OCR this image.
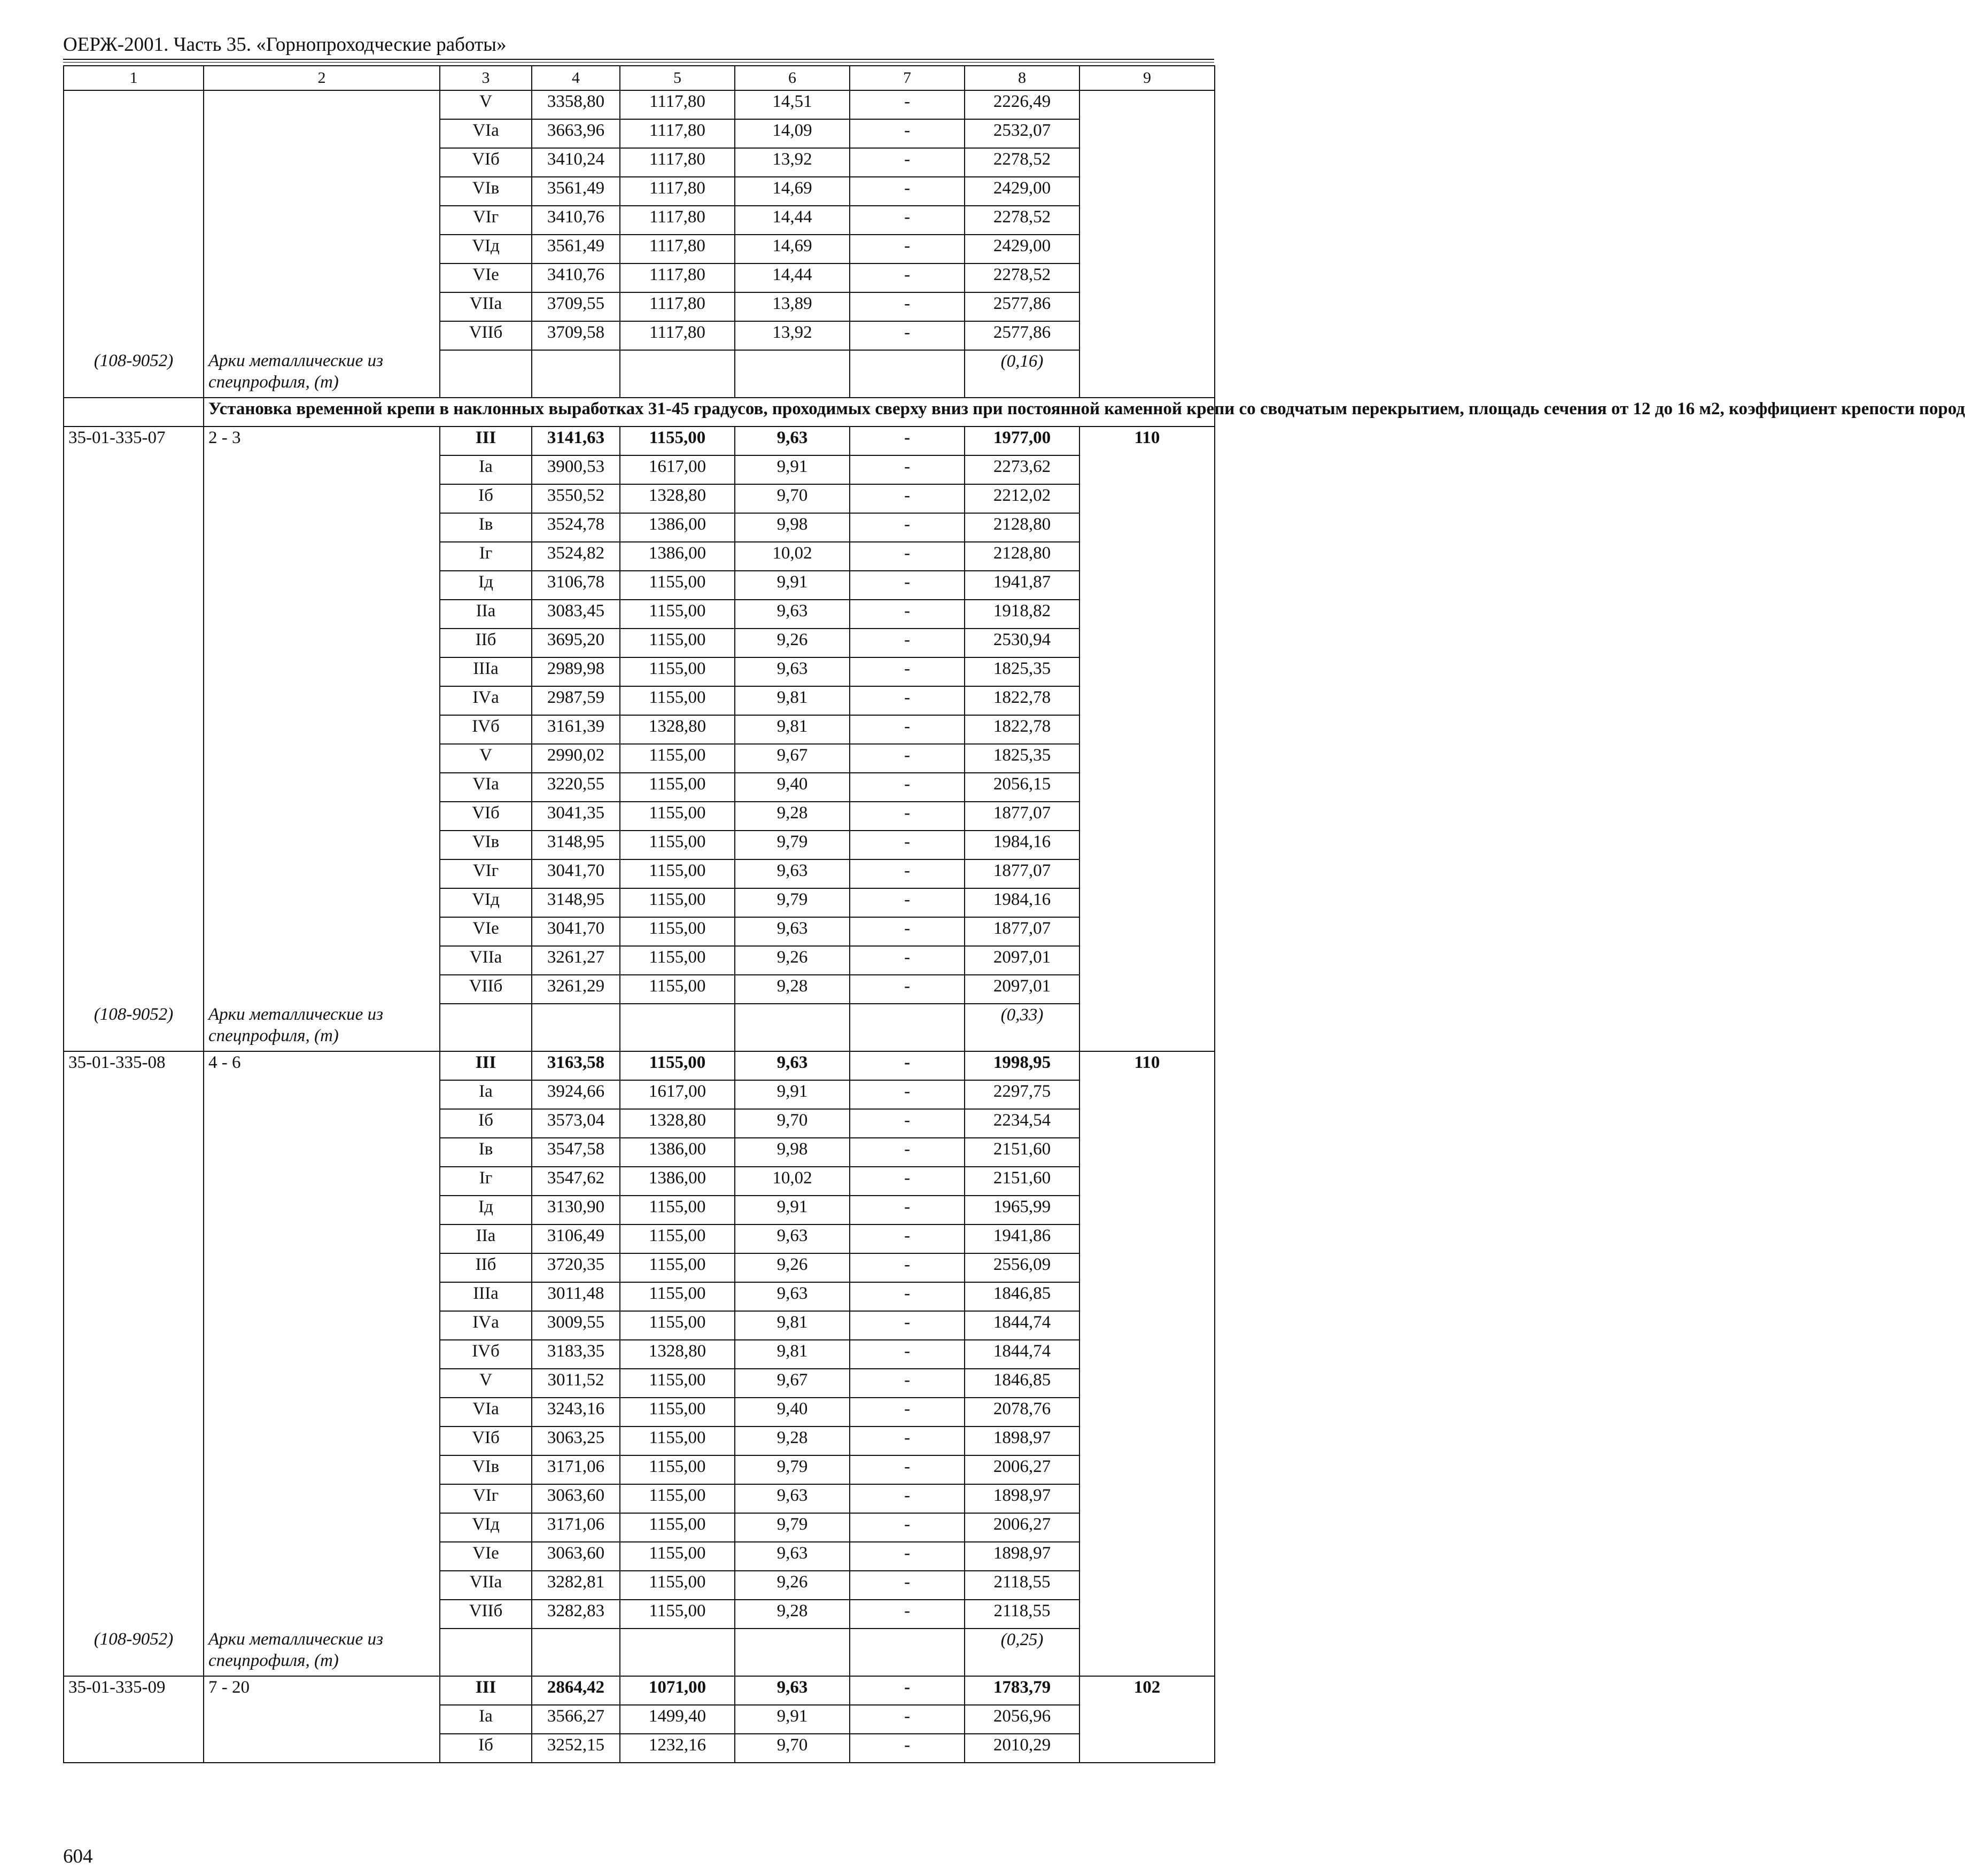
ОЕРЖ-2001. Часть 35. «Горнопроходческие работы»
1	2	3	4	5	6	7	8	9
		V	3358,80	1117,80	14,51	-	2226,49	
		VIа	3663,96	1117,80	14,09	-	2532,07	
		VIб	3410,24	1117,80	13,92	-	2278,52	
		VIв	3561,49	1117,80	14,69	-	2429,00	
		VIг	3410,76	1117,80	14,44	-	2278,52	
		VIд	3561,49	1117,80	14,69	-	2429,00	
		VIе	3410,76	1117,80	14,44	-	2278,52	
		VIIа	3709,55	1117,80	13,89	-	2577,86	
		VIIб	3709,58	1117,80	13,92	-	2577,86	

(108-9052)	Арки металлические из спецпрофиля, (т)						(0,16)	
	Установка временной крепи в наклонных выработках 31-45 градусов, проходимых сверху вниз при постоянной каменной крепи со сводчатым перекрытием, площадь сечения от 12 до 16 м2, коэффициент крепости пород							
35-01-335-07	2 - 3	III	3141,63	1155,00	9,63	-	1977,00	110
		Iа	3900,53	1617,00	9,91	-	2273,62	
		Iб	3550,52	1328,80	9,70	-	2212,02	
		Iв	3524,78	1386,00	9,98	-	2128,80	
		Iг	3524,82	1386,00	10,02	-	2128,80	
		Iд	3106,78	1155,00	9,91	-	1941,87	
		IIа	3083,45	1155,00	9,63	-	1918,82	
		IIб	3695,20	1155,00	9,26	-	2530,94	
		IIIа	2989,98	1155,00	9,63	-	1825,35	
		IVа	2987,59	1155,00	9,81	-	1822,78	
		IVб	3161,39	1328,80	9,81	-	1822,78	
		V	2990,02	1155,00	9,67	-	1825,35	
		VIа	3220,55	1155,00	9,40	-	2056,15	
		VIб	3041,35	1155,00	9,28	-	1877,07	
		VIв	3148,95	1155,00	9,79	-	1984,16	
		VIг	3041,70	1155,00	9,63	-	1877,07	
		VIд	3148,95	1155,00	9,79	-	1984,16	
		VIе	3041,70	1155,00	9,63	-	1877,07	
		VIIа	3261,27	1155,00	9,26	-	2097,01	
		VIIб	3261,29	1155,00	9,28	-	2097,01	

(108-9052)	Арки металлические из спецпрофиля, (т)						(0,33)	
35-01-335-08	4 - 6	III	3163,58	1155,00	9,63	-	1998,95	110
		Iа	3924,66	1617,00	9,91	-	2297,75	
		Iб	3573,04	1328,80	9,70	-	2234,54	
		Iв	3547,58	1386,00	9,98	-	2151,60	
		Iг	3547,62	1386,00	10,02	-	2151,60	
		Iд	3130,90	1155,00	9,91	-	1965,99	
		IIа	3106,49	1155,00	9,63	-	1941,86	
		IIб	3720,35	1155,00	9,26	-	2556,09	
		IIIа	3011,48	1155,00	9,63	-	1846,85	
		IVа	3009,55	1155,00	9,81	-	1844,74	
		IVб	3183,35	1328,80	9,81	-	1844,74	
		V	3011,52	1155,00	9,67	-	1846,85	
		VIа	3243,16	1155,00	9,40	-	2078,76	
		VIб	3063,25	1155,00	9,28	-	1898,97	
		VIв	3171,06	1155,00	9,79	-	2006,27	
		VIг	3063,60	1155,00	9,63	-	1898,97	
		VIд	3171,06	1155,00	9,79	-	2006,27	
		VIе	3063,60	1155,00	9,63	-	1898,97	
		VIIа	3282,81	1155,00	9,26	-	2118,55	
		VIIб	3282,83	1155,00	9,28	-	2118,55	

(108-9052)	Арки металлические из спецпрофиля, (т)						(0,25)	
35-01-335-09	7 - 20	III	2864,42	1071,00	9,63	-	1783,79	102
		Iа	3566,27	1499,40	9,91	-	2056,96	
		Iб	3252,15	1232,16	9,70	-	2010,29	
604
